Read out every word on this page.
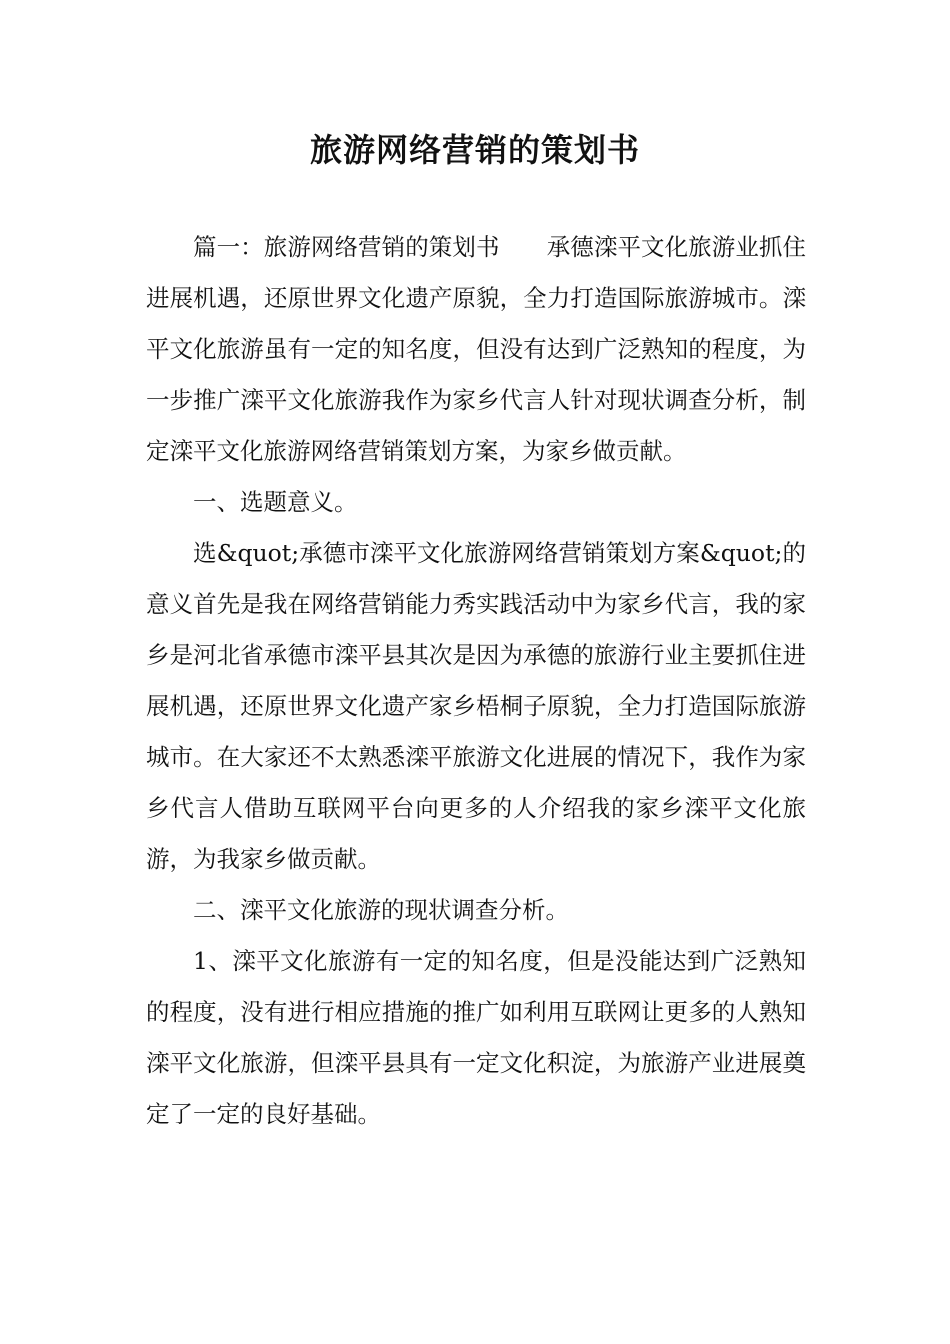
旅游网络营销的策划书

篇一：旅游网络营销的策划书　　承德滦平文化旅游业抓住进展机遇，还原世界文化遗产原貌，全力打造国际旅游城市。滦平文化旅游虽有一定的知名度，但没有达到广泛熟知的程度，为一步推广滦平文化旅游我作为家乡代言人针对现状调查分析，制定滦平文化旅游网络营销策划方案，为家乡做贡献。

一、选题意义。

选&quot;承德市滦平文化旅游网络营销策划方案&quot;的意义首先是我在网络营销能力秀实践活动中为家乡代言，我的家乡是河北省承德市滦平县其次是因为承德的旅游行业主要抓住进展机遇，还原世界文化遗产家乡梧桐子原貌，全力打造国际旅游城市。在大家还不太熟悉滦平旅游文化进展的情况下，我作为家乡代言人借助互联网平台向更多的人介绍我的家乡滦平文化旅游，为我家乡做贡献。

二、滦平文化旅游的现状调查分析。

1、滦平文化旅游有一定的知名度，但是没能达到广泛熟知的程度，没有进行相应措施的推广如利用互联网让更多的人熟知滦平文化旅游，但滦平县具有一定文化积淀，为旅游产业进展奠定了一定的良好基础。
